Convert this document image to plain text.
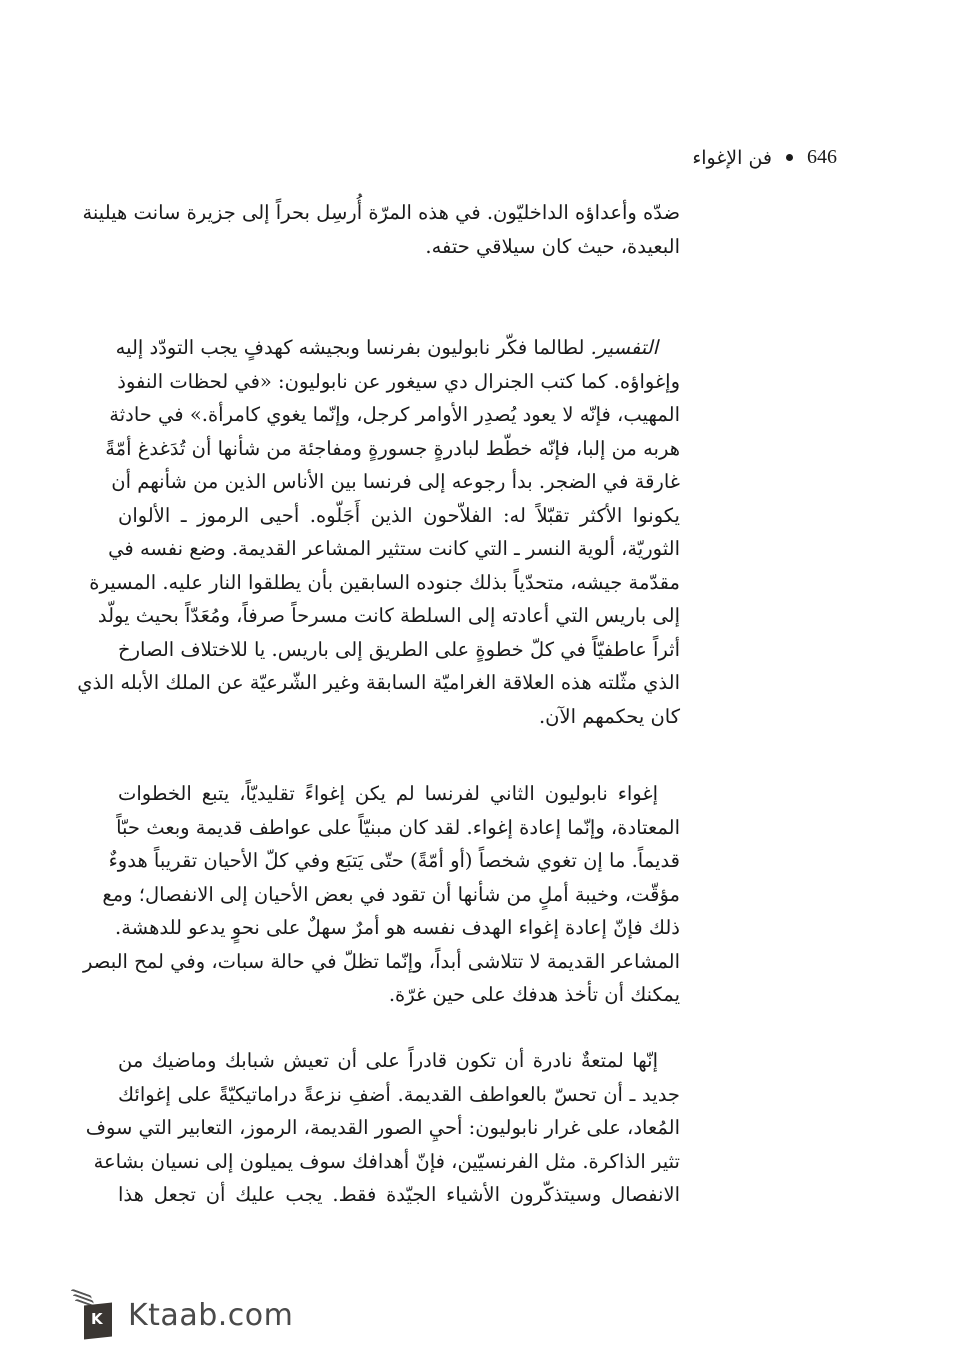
646
فن الإغواء
ضدّه وأعداؤه الداخليّون. في هذه المرّة أُرسِل بحراً إلى جزيرة سانت هيلينة
البعيدة، حيث كان سيلاقي حتفه.
التفسير. لطالما فكّر نابوليون بفرنسا وبجيشه كهدفٍ يجب التودّد إليه
وإغواؤه. كما كتب الجنرال دي سيغور عن نابوليون: «في لحظات النفوذ
المهيب، فإنّه لا يعود يُصدِر الأوامر كرجل، وإنّما يغوي كامرأة.» في حادثة
هربه من إلبا، فإنّه خطّط لبادرةٍ جسورةٍ ومفاجئة من شأنها أن تُدَغدغ أمّةً
غارقة في الضجر. بدأ رجوعه إلى فرنسا بين الأناس الذين من شأنهم أن
يكونوا الأكثر تقبّلاً له: الفلاّحون الذين أَجَلّوه. أحيى الرموز ـ الألوان
الثوريّة، ألوية النسر ـ التي كانت ستثير المشاعر القديمة. وضع نفسه في
مقدّمة جيشه، متحدّياً بذلك جنوده السابقين بأن يطلقوا النار عليه. المسيرة
إلى باريس التي أعادته إلى السلطة كانت مسرحاً صرفاً، ومُعَدّاً بحيث يولّد
أثراً عاطفيّاً في كلّ خطوةٍ على الطريق إلى باريس. يا للاختلاف الصارخ
الذي مثّلته هذه العلاقة الغراميّة السابقة وغير الشّرعيّة عن الملك الأبله الذي
كان يحكمهم الآن.
إغواء نابوليون الثاني لفرنسا لم يكن إغواءً تقليديّاً، يتبع الخطوات
المعتادة، وإنّما إعادة إغواء. لقد كان مبنيّاً على عواطف قديمة وبعث حبّاً
قديماً. ما إن تغوي شخصاً (أو أمّةً) حتّى يَتبَع وفي كلّ الأحيان تقريباً هدوءٌ
مؤقّت، وخيبة أملٍ من شأنها أن تقود في بعض الأحيان إلى الانفصال؛ ومع
ذلك فإنّ إعادة إغواء الهدف نفسه هو أمرٌ سهلٌ على نحوٍ يدعو للدهشة.
المشاعر القديمة لا تتلاشى أبداً، وإنّما تظلّ في حالة سبات، وفي لمح البصر
يمكنك أن تأخذ هدفك على حين غرّة.
إنّها لمتعةٌ نادرة أن تكون قادراً على أن تعيش شبابك وماضيك من
جديد ـ أن تحسّ بالعواطف القديمة. أضفِ نزعةً دراماتيكيّةً على إغوائك
المُعاد، على غرار نابوليون: أحيِ الصور القديمة، الرموز، التعابير التي سوف
تثير الذاكرة. مثل الفرنسيّين، فإنّ أهدافك سوف يميلون إلى نسيان بشاعة
الانفصال وسيتذكّرون الأشياء الجيّدة فقط. يجب عليك أن تجعل هذا
K Ktaab.com
